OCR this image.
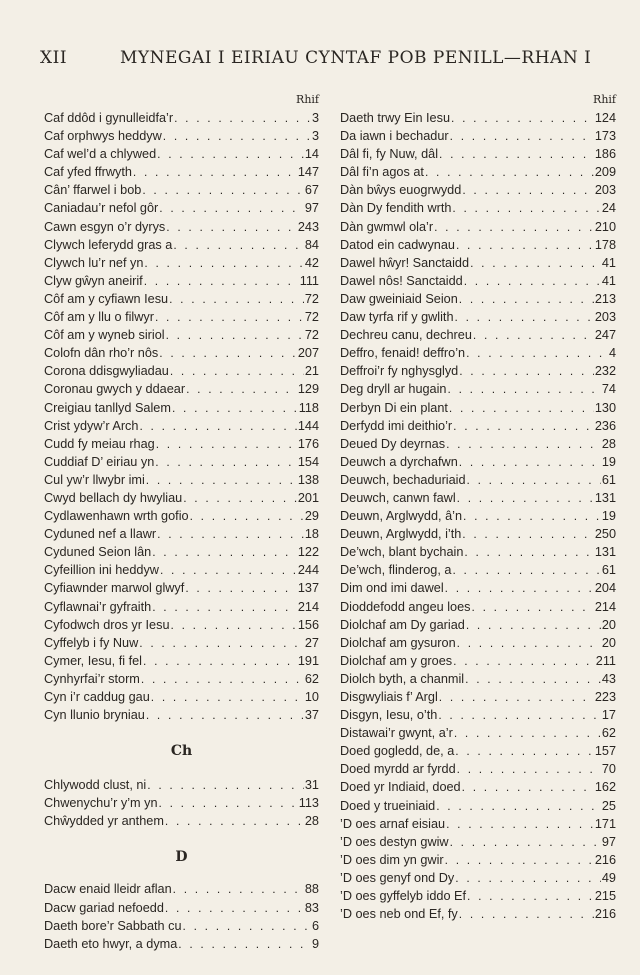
XII	MYNEGAI I EIRIAU CYNTAF POB PENILL—RHAN I
Rhif
Caf ddôd i gynulleidfa’r . . .	3
Caf orphwys heddyw . . .	3
Caf wel’d a chlywed . . .	14
Caf yfed ffrwyth . . .	147
Cân’ ffarwel i bob . . .	67
Caniadau’r nefol gôr . . .	97
Cawn esgyn o’r dyrys . . .	243
Clywch leferydd gras a . . .	84
Clywch lu’r nef yn . . .	42
Clyw gŵyn aneirif . . .	111
Côf am y cyfiawn Iesu . . .	72
Côf am y llu o filwyr . . .	72
Côf am y wyneb siriol . . .	72
Colofn dân rho’r nôs . . .	207
Corona ddisgwyliadau . . .	21
Coronau gwych y ddaear . . .	129
Creigiau tanllyd Salem . . .	118
Crist ydyw’r Arch . . .	144
Cudd fy meiau rhag . . .	176
Cuddiaf D’ eiriau yn . . .	154
Cul yw’r llwybr imi . . .	138
Cwyd bellach dy hwyliau . . .	201
Cydlawenhawn wrth gofio . . .	29
Cyduned nef a llawr . . .	18
Cyduned Seion lân . . .	122
Cyfeillion ini heddyw . . .	244
Cyfiawnder marwol glwyf . . .	137
Cyflawnai’r gyfraith . . .	214
Cyfodwch dros yr Iesu . . .	156
Cyffelyb i fy Nuw . . .	27
Cymer, Iesu, fi fel . . .	191
Cynhyrfai’r storm . . .	62
Cyn i’r caddug gau . . .	10
Cyn llunio bryniau . . .	37
Ch
Chlywodd clust, ni . . .	31
Chwenychu’r y’m yn . . .	113
Chŵydded yr anthem . . .	28
D
Dacw enaid lleidr aflan . . .	88
Dacw gariad nefoedd . . .	83
Daeth bore’r Sabbath cu . . .	6
Daeth eto hwyr, a dyma . . .	9
Rhif
Daeth trwy Ein Iesu . . .	124
Da iawn i bechadur . . .	173
Dâl fi, fy Nuw, dâl . . .	186
Dâl fi’n agos at . . .	209
Dàn bŵys euogrwydd . . .	203
Dàn Dy fendith wrth . . .	24
Dàn gwmwl ola’r . . .	210
Datod ein cadwynau . . .	178
Dawel hŵyr! Sanctaidd . . .	41
Dawel nôs! Sanctaidd . . .	41
Daw gweiniaid Seion . . .	213
Daw tyrfa rif y gwlith . . .	203
Dechreu canu, dechreu . . .	247
Deffro, fenaid! deffro’n . . .	4
Deffroi’r fy nghysglyd . . .	232
Deg dryll ar hugain . . .	74
Derbyn Di ein plant . . .	130
Derfydd imi deithio’r . . .	236
Deued Dy deyrnas . . .	28
Deuwch a dyrchafwn . . .	19
Deuwch, bechaduriaid . . .	61
Deuwch, canwn fawl . . .	131
Deuwn, Arglwydd, â’n . . .	19
Deuwn, Arglwydd, i’th . . .	250
De’wch, blant bychain . . .	131
De’wch, flinderog, a . . .	61
Dim ond imi dawel . . .	204
Dioddefodd angeu loes . . .	214
Diolchaf am Dy gariad . . .	20
Diolchaf am gysuron . . .	20
Diolchaf am y groes . . .	211
Diolch byth, a chanmil . . .	43
Disgwyliais f’ Argl . . .	223
Disgyn, Iesu, o’th . . .	17
Distawai’r gwynt, a’r . . .	62
Doed gogledd, de, a . . .	157
Doed myrdd ar fyrdd . . .	70
Doed yr Indiaid, doed . . .	162
Doed y trueiniaid . . .	25
’D oes arnaf eisiau . . .	171
’D oes destyn gwiw . . .	97
’D oes dim yn gwir . . .	216
’D oes genyf ond Dy . . .	49
’D oes gyffelyb iddo Ef . . .	215
’D oes neb ond Ef, fy . . .	216
